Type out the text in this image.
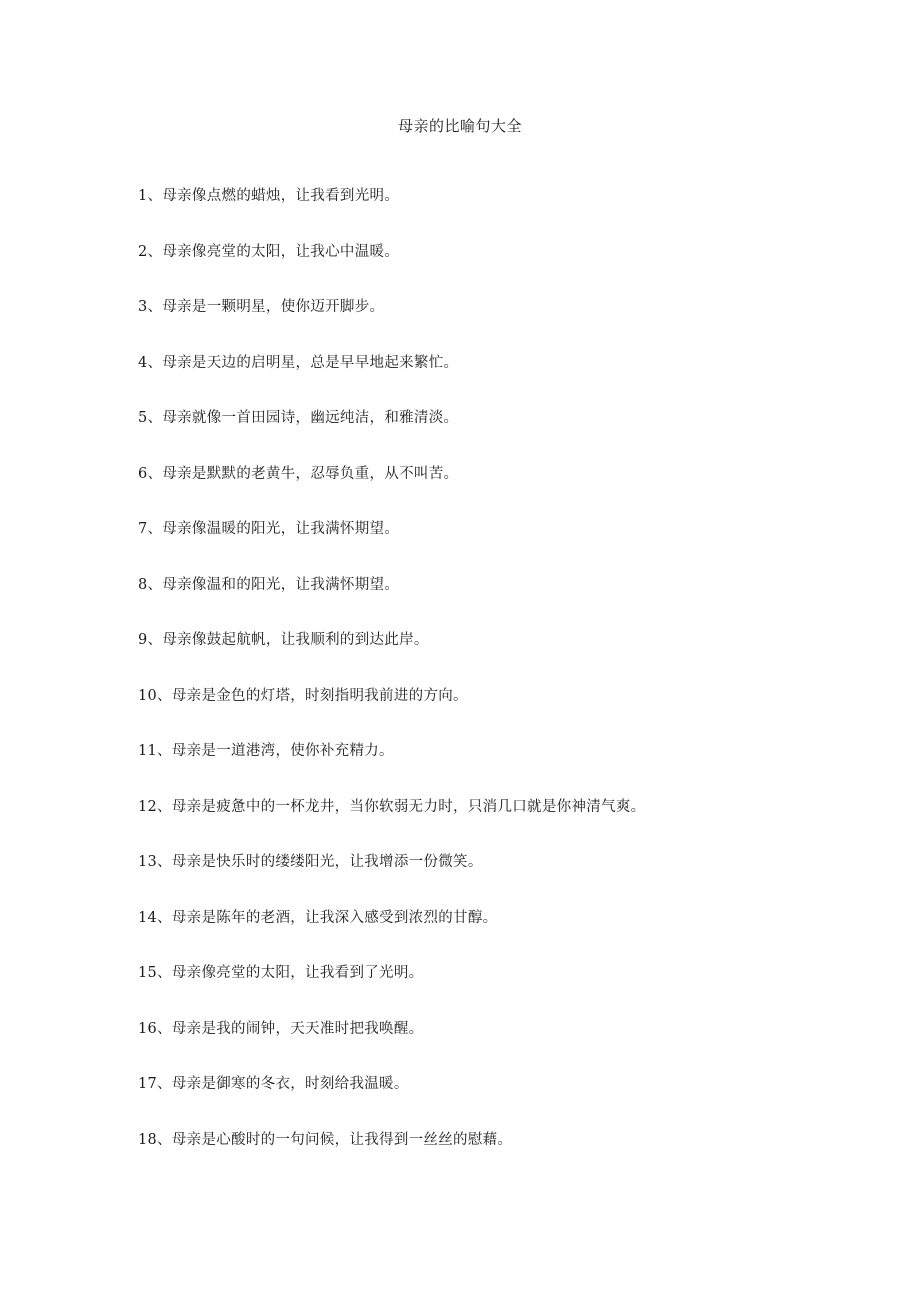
母亲的比喻句大全
1、母亲像点燃的蜡烛，让我看到光明。
2、母亲像亮堂的太阳，让我心中温暖。
3、母亲是一颗明星，使你迈开脚步。
4、母亲是天边的启明星，总是早早地起来繁忙。
5、母亲就像一首田园诗，幽远纯洁，和雅清淡。
6、母亲是默默的老黄牛，忍辱负重，从不叫苦。
7、母亲像温暖的阳光，让我满怀期望。
8、母亲像温和的阳光，让我满怀期望。
9、母亲像鼓起航帆，让我顺利的到达此岸。
10、母亲是金色的灯塔，时刻指明我前进的方向。
11、母亲是一道港湾，使你补充精力。
12、母亲是疲惫中的一杯龙井，当你软弱无力时，只消几口就是你神清气爽。
13、母亲是快乐时的缕缕阳光，让我增添一份微笑。
14、母亲是陈年的老酒，让我深入感受到浓烈的甘醇。
15、母亲像亮堂的太阳，让我看到了光明。
16、母亲是我的闹钟，天天准时把我唤醒。
17、母亲是御寒的冬衣，时刻给我温暖。
18、母亲是心酸时的一句问候，让我得到一丝丝的慰藉。
